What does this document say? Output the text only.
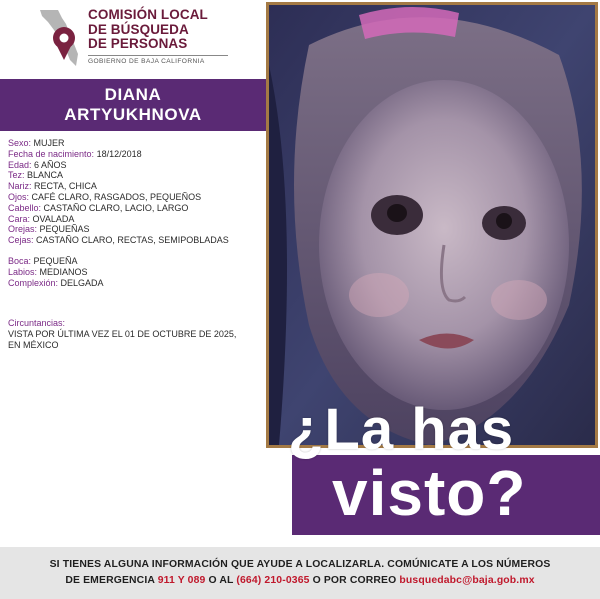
COMISIÓN LOCAL
DE BÚSQUEDA
DE PERSONAS
GOBIERNO DE BAJA CALIFORNIA
DIANA
ARTYUKHNOVA
Sexo: MUJER
Fecha de nacimiento: 18/12/2018
Edad: 6 AÑOS
Tez: BLANCA
Nariz: RECTA, CHICA
Ojos: CAFÉ CLARO, RASGADOS, PEQUEÑOS
Cabello: CASTAÑO CLARO, LACIO, LARGO
Cara: OVALADA
Orejas: PEQUEÑAS
Cejas: CASTAÑO CLARO, RECTAS, SEMIPOBLADAS
Boca: PEQUEÑA
Labios: MEDIANOS
Complexión: DELGADA
Circuntancias:
VISTA POR ÚLTIMA VEZ EL 01 DE OCTUBRE DE 2025,
EN MÉXICO
¿La has
visto?
SI TIENES ALGUNA INFORMACIÓN QUE AYUDE A LOCALIZARLA. COMÚNICATE A LOS NÚMEROS
DE EMERGENCIA 911 Y 089 O AL (664) 210-0365 O POR CORREO busquedabc@baja.gob.mx
